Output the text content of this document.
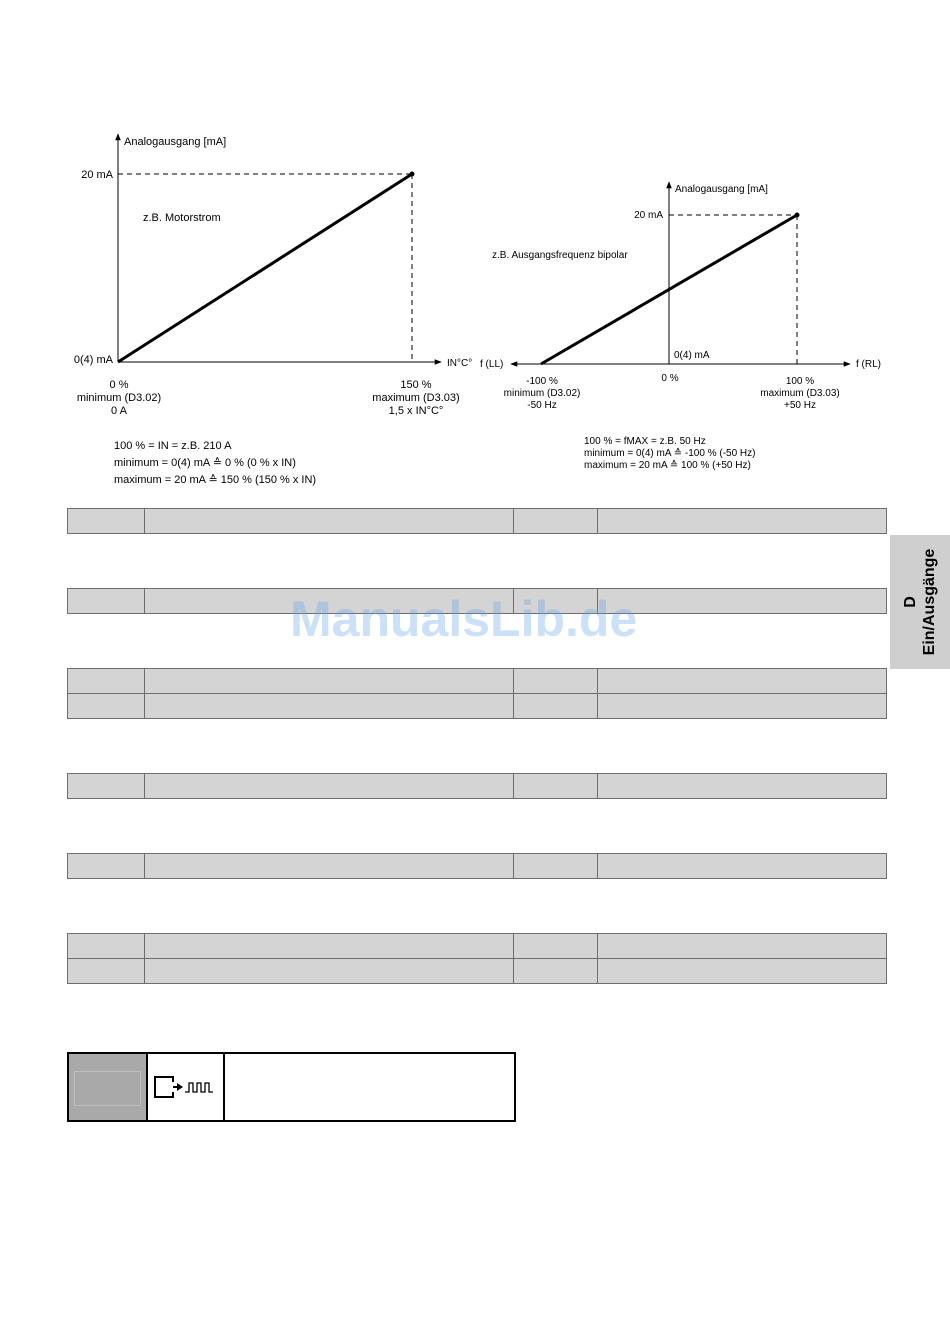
Analogausgang [mA]
20 mA
0(4) mA	IN°C°
z.B. Motorstrom
0 %
minimum (D3.02)
0 A
150 %
maximum (D3.03)
1,5 x IN°C°
Analogausgang [mA]
20 mA
0(4) mA
f (LL)	f (RL)
z.B. Ausgangsfrequenz bipolar
-100 %
minimum (D3.02)
-50 Hz
0 %	100 %
maximum (D3.03)
+50 Hz
100 % = IN = z.B. 210 A
minimum = 0(4) mA ≙ 0 % (0 % x IN)
maximum = 20 mA ≙ 150 % (150 % x IN)
100 % = fMAX = z.B. 50 Hz
minimum = 0(4) mA ≙ -100 % (-50 Hz)
maximum = 20 mA ≙ 100 % (+50 Hz)

D Ein/Ausgänge
ManualsLib.de
